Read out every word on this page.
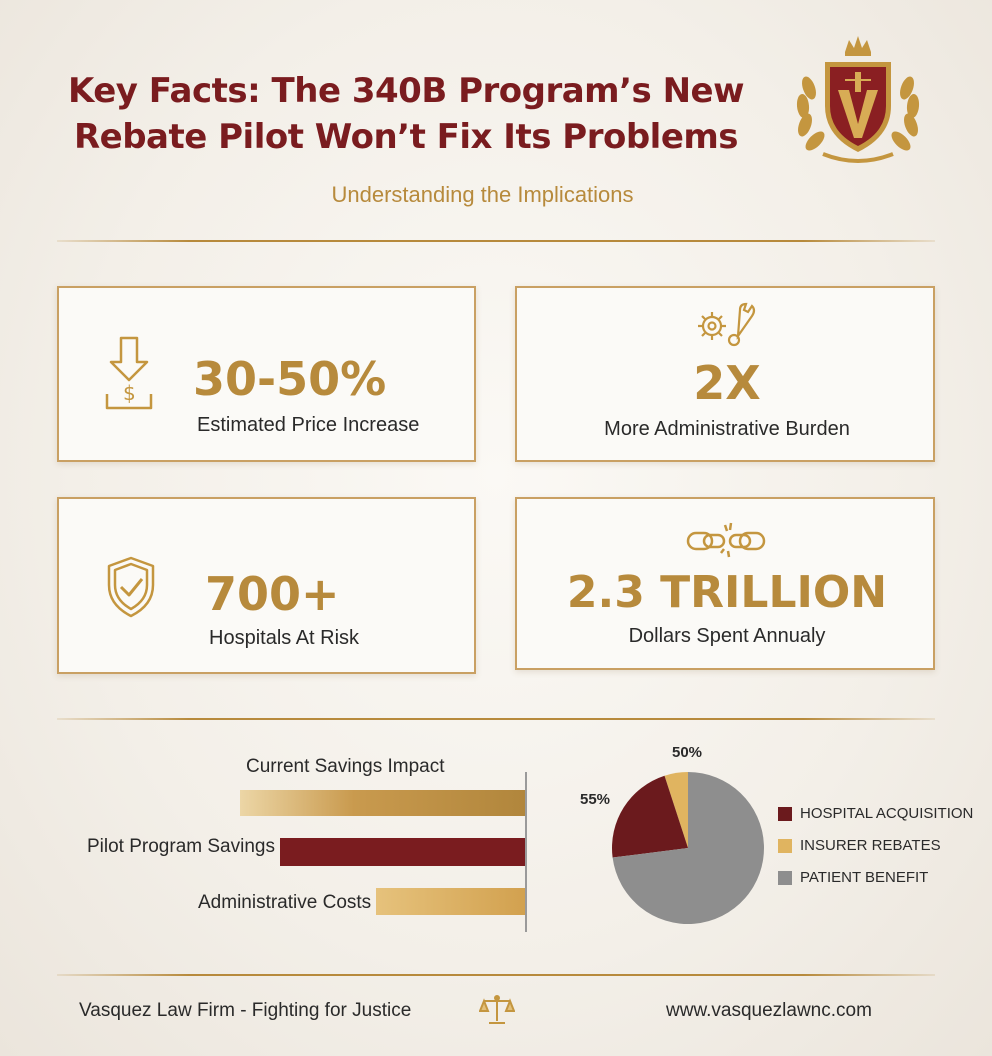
Key Facts: The 340B Program’s New
Rebate Pilot Won’t Fix Its Problems
Understanding the Implications
$ 30-50%
Estimated Price Increase
2X
More Administrative Burden
700+
Hospitals At Risk
2.3 TRILLION
Dollars Spent Annualy
Current Savings Impact
Pilot Program Savings
Administrative Costs
55%
50%
HOSPITAL ACQUISITION
INSURER REBATES
PATIENT BENEFIT
Vasquez Law Firm - Fighting for Justice	www.vasquezlawnc.com
